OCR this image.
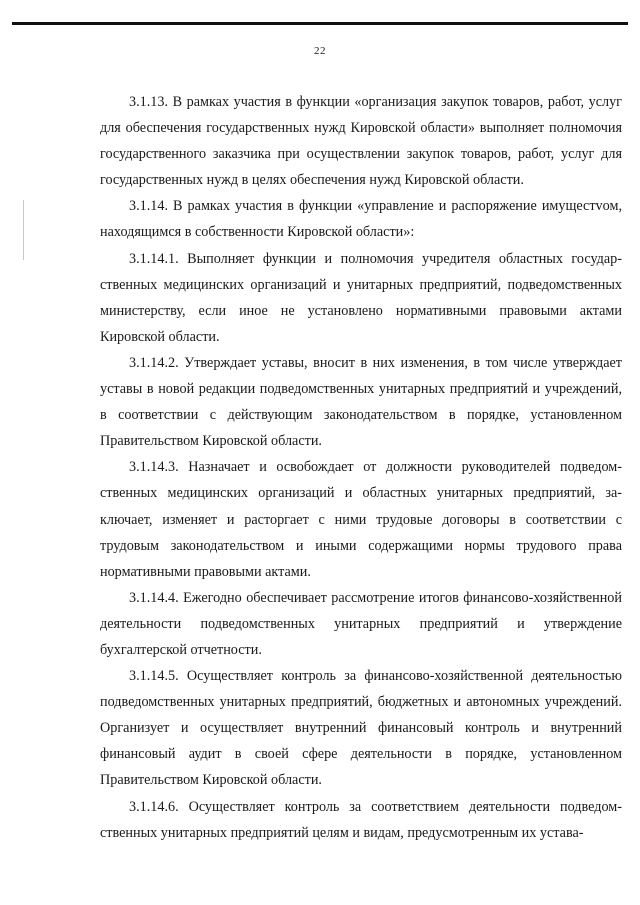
22

3.1.13. В рамках участия в функции «организация закупок товаров, работ, услуг для обеспечения государственных нужд Кировской области» выполняет полномочия государственного заказчика при осуществлении закупок товаров, работ, услуг для государственных нужд в целях обеспечения нужд Кировской области.

3.1.14. В рамках участия в функции «управление и распоряжение имущестvом, находящимся в собственности Кировской области»:

3.1.14.1. Выполняет функции и полномочия учредителя областных государственных медицинских организаций и унитарных предприятий, подведомственных министерству, если иное не установлено нормативными правовыми актами Кировской области.

3.1.14.2. Утверждает уставы, вносит в них изменения, в том числе утверждает уставы в новой редакции подведомственных унитарных предприятий и учреждений, в соответствии с действующим законодательством в порядке, установленном Правительством Кировской области.

3.1.14.3. Назначает и освобождает от должности руководителей подведомственных медицинских организаций и областных унитарных предприятий, заключает, изменяет и расторгает с ними трудовые договоры в соответствии с трудовым законодательством и иными содержащими нормы трудового права нормативными правовыми актами.

3.1.14.4. Ежегодно обеспечивает рассмотрение итогов финансово-хозяйственной деятельности подведомственных унитарных предприятий и утверждение бухгалтерской отчетности.

3.1.14.5. Осуществляет контроль за финансово-хозяйственной деятельностью подведомственных унитарных предприятий, бюджетных и автономных учреждений. Организует и осуществляет внутренний финансовый контроль и внутренний финансовый аудит в своей сфере деятельности в порядке, установленном Правительством Кировской области.

3.1.14.6. Осуществляет контроль за соответствием деятельности подведомственных унитарных предприятий целям и видам, предусмотренным их устава-
